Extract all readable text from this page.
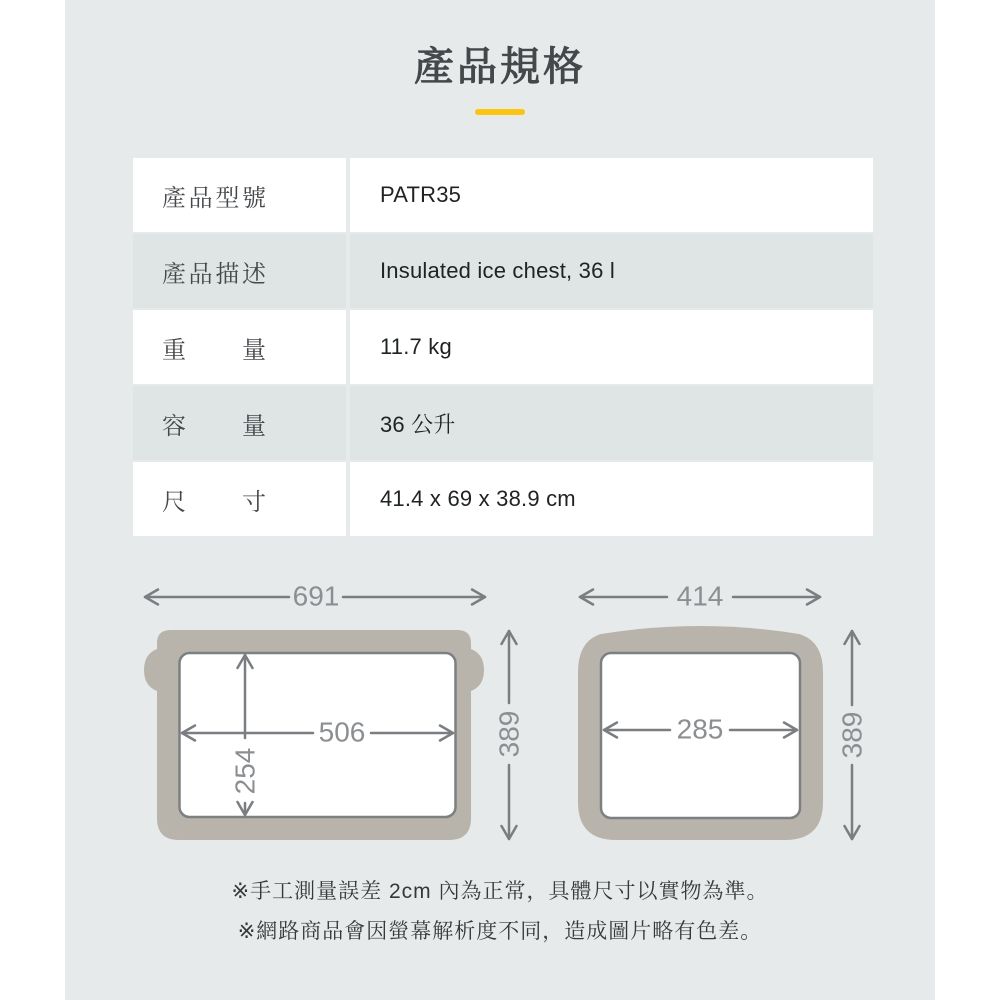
產品規格
產品型號	PATR35
產品描述	Insulated ice chest, 36 l
重 量	11.7 kg
容 量	36 公升
尺 寸	41.4 x 69 x 38.9 cm
691
506
254
389
414
285	389

※手工測量誤差 2cm 內為正常，具體尺寸以實物為準。

※網路商品會因螢幕解析度不同，造成圖片略有色差。
